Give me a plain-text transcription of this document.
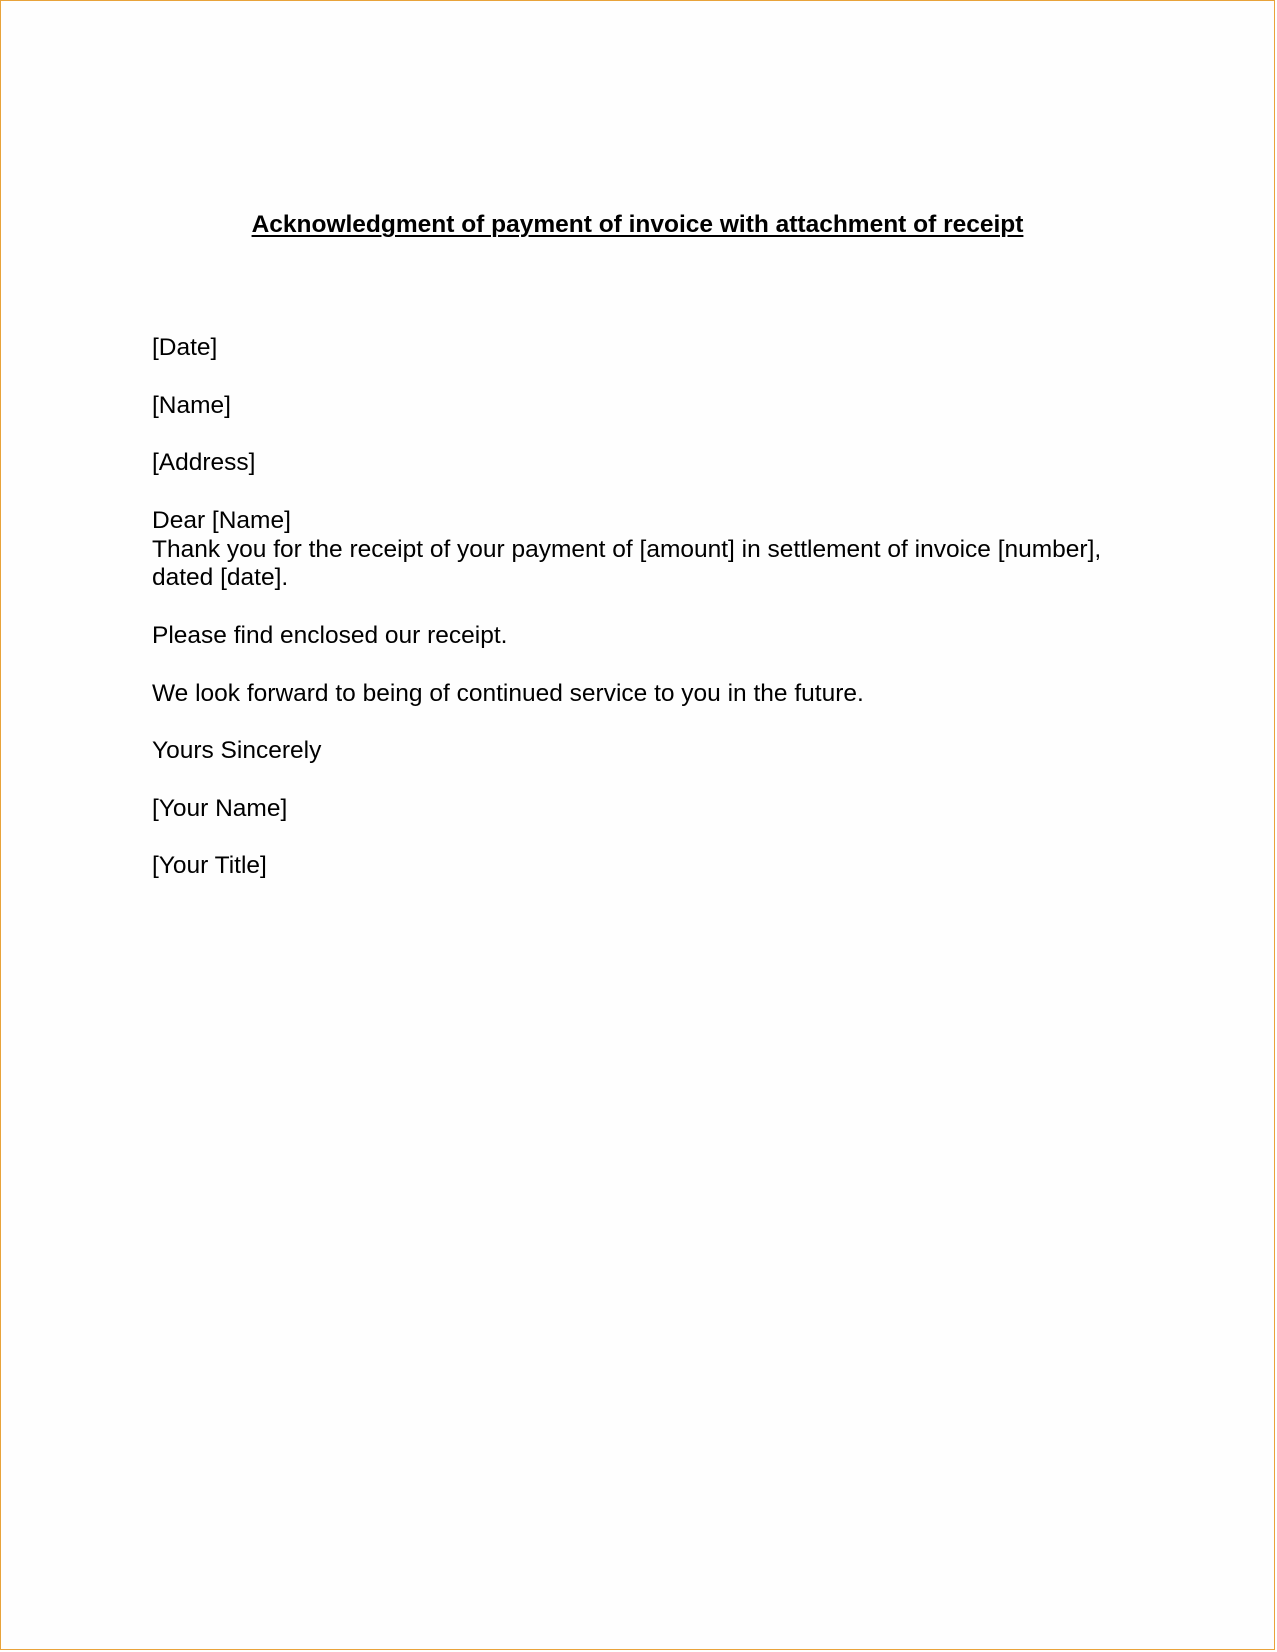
Acknowledgment of payment of invoice with attachment of receipt
[Date]
[Name]
[Address]
Dear [Name]
Thank you for the receipt of your payment of [amount] in settlement of invoice [number],
dated [date].
Please find enclosed our receipt.
We look forward to being of continued service to you in the future.
Yours Sincerely
[Your Name]
[Your Title]
